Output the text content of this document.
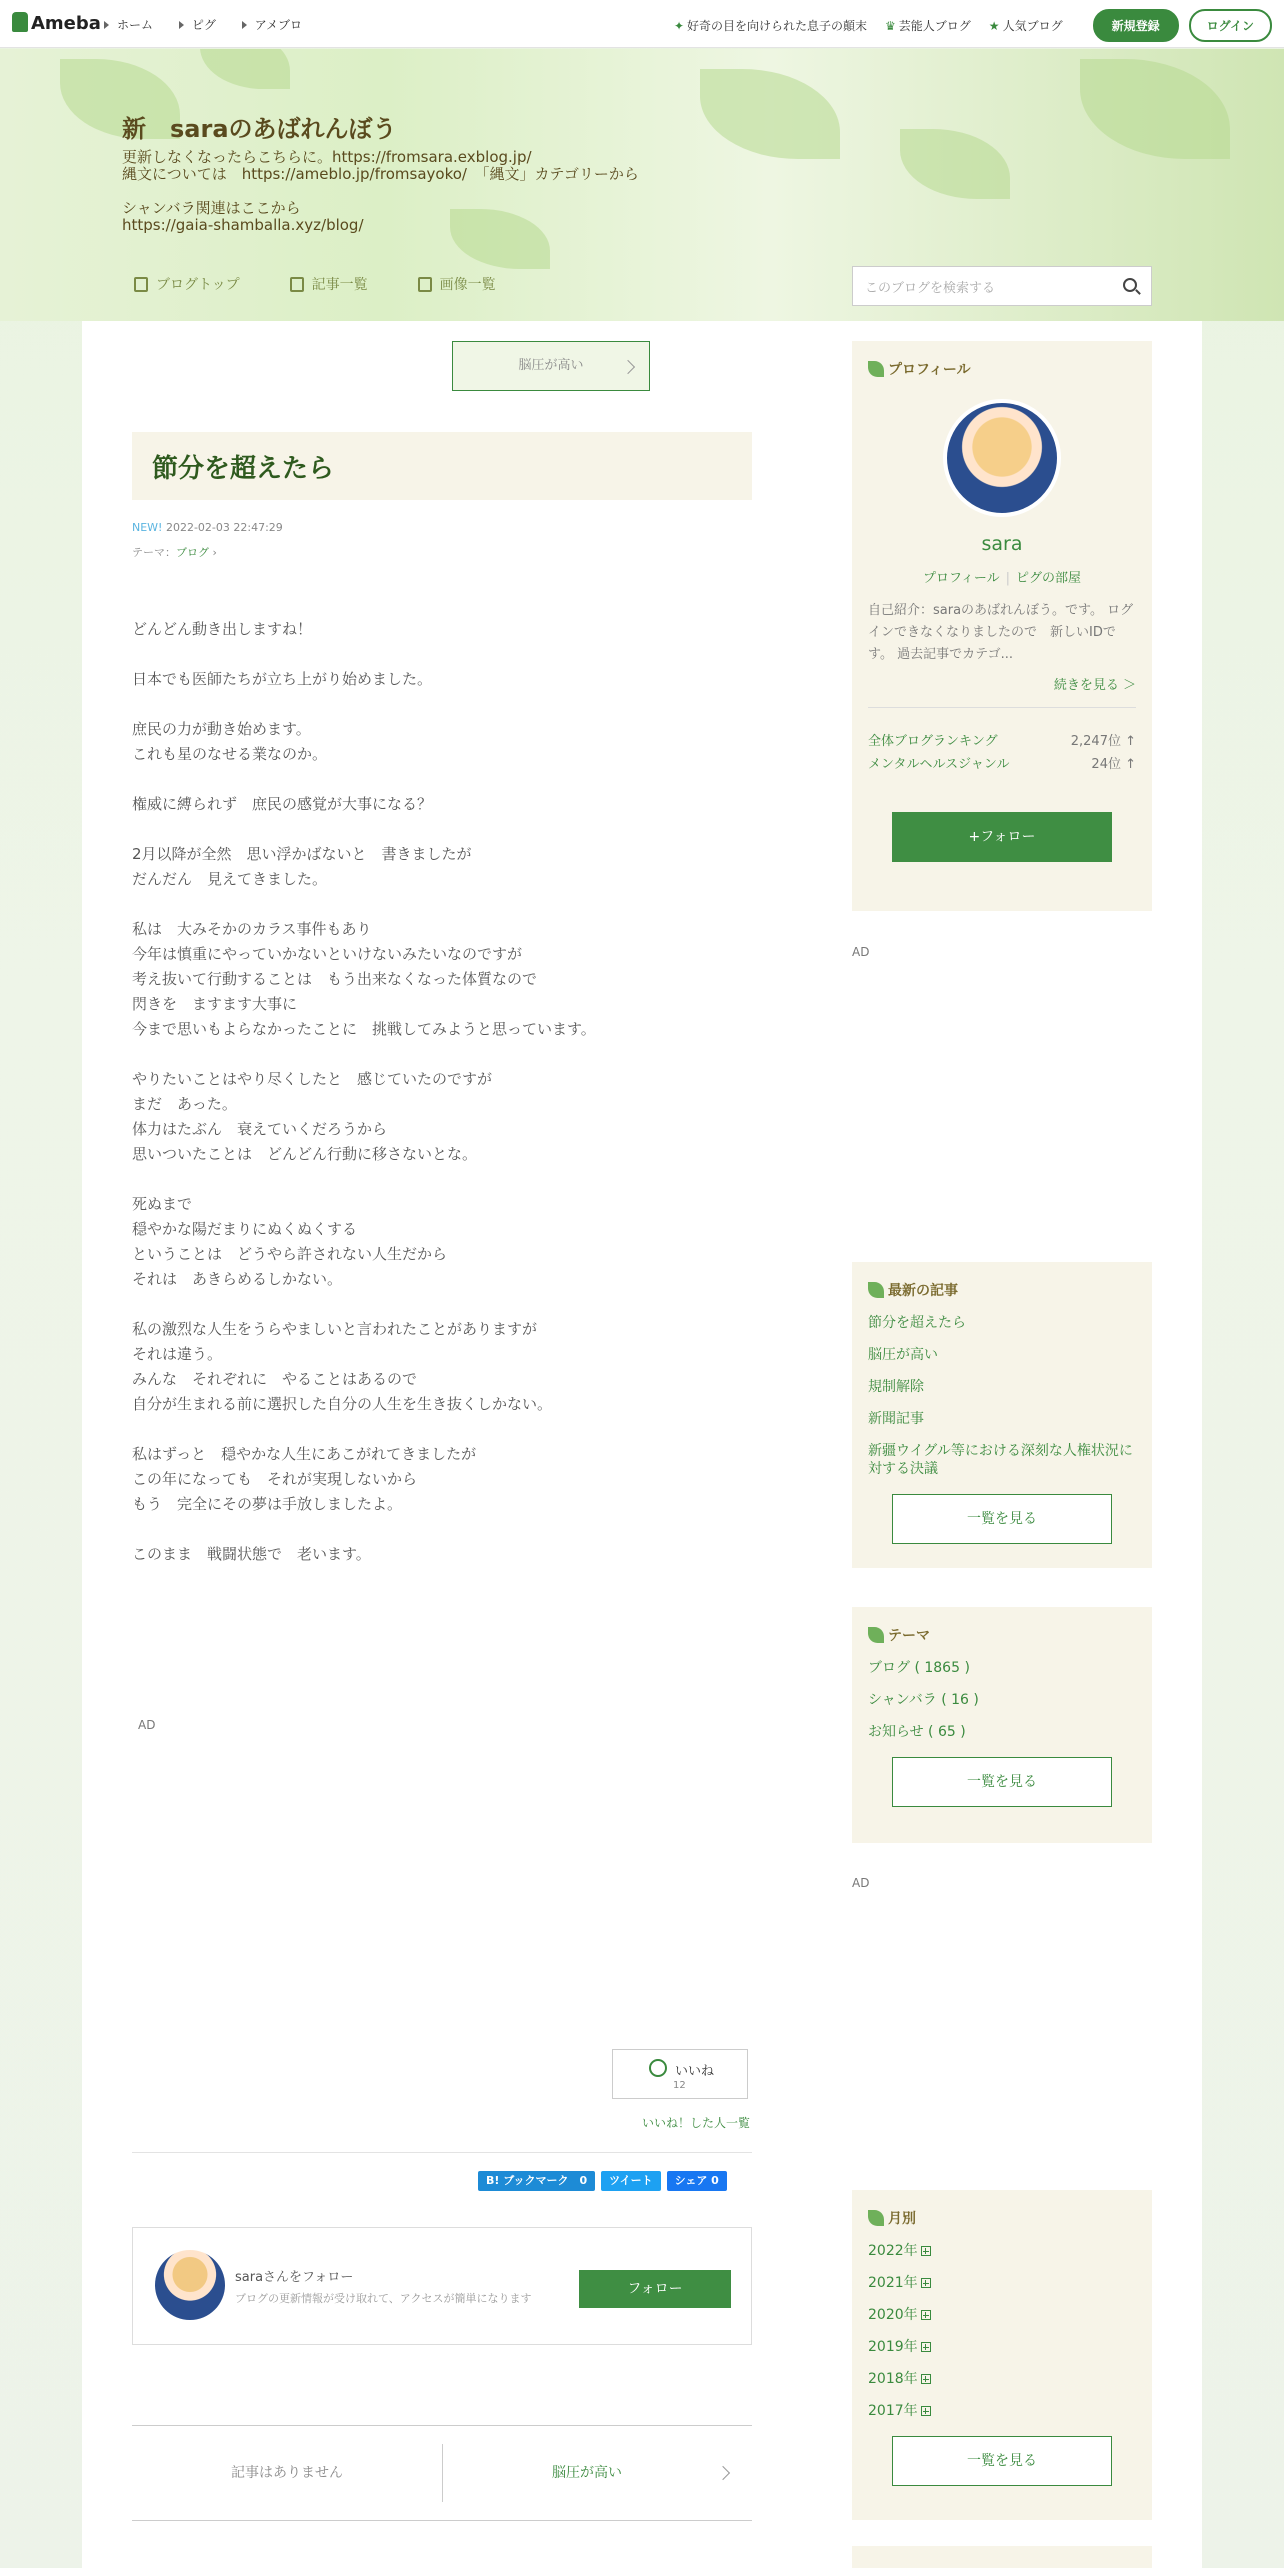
Ameba	ホーム	ピグ	アメブロ	✦ 好奇の目を向けられた息子の顛末 ♛ 芸能人ブログ ★ 人気ブログ	新規登録	ログイン
新　saraのあばれんぼう
更新しなくなったらこちらに。https://fromsara.exblog.jp/
縄文については　https://ameblo.jp/fromsayoko/　「縄文」カテゴリーから

シャンバラ関連はここから
https://gaia-shamballa.xyz/blog/
ブログトップ	記事一覧	画像一覧	このブログを検索する
脳圧が高い
節分を超えたら
NEW! 2022-02-03 22:47:29
テーマ：ブログ ›
どんどん動き出しますね！

日本でも医師たちが立ち上がり始めました。

庶民の力が動き始めます。
これも星のなせる業なのか。

権威に縛られず　庶民の感覚が大事になる？

2月以降が全然　思い浮かばないと　書きましたが
だんだん　見えてきました。

私は　大みそかのカラス事件もあり
今年は慎重にやっていかないといけないみたいなのですが
考え抜いて行動することは　もう出来なくなった体質なので
閃きを　ますます大事に
今まで思いもよらなかったことに　挑戦してみようと思っています。

やりたいことはやり尽くしたと　感じていたのですが
まだ　あった。
体力はたぶん　衰えていくだろうから
思いついたことは　どんどん行動に移さないとな。

死ぬまで
穏やかな陽だまりにぬくぬくする
ということは　どうやら許されない人生だから
それは　あきらめるしかない。

私の激烈な人生をうらやましいと言われたことがありますが
それは違う。
みんな　それぞれに　やることはあるので
自分が生まれる前に選択した自分の人生を生き抜くしかない。

私はずっと　穏やかな人生にあこがれてきましたが
この年になっても　それが実現しないから
もう　完全にその夢は手放しましたよ。

このまま　戦闘状態で　老います。
AD
いいね
12
いいね！した人一覧
B! ブックマーク　0	ツイート	シェア 0
saraさんをフォロー
ブログの更新情報が受け取れて、アクセスが簡単になります
フォロー
記事はありません	脳圧が高い
プロフィール
sara
プロフィール | ピグの部屋
自己紹介：saraのあばれんぼう。です。 ログインできなくなりましたので　新しいIDです。 過去記事でカテゴ...
続きを見る ＞
全体ブログランキング	2,247位 ↑
メンタルヘルスジャンル	24位 ↑
+フォロー
AD
最新の記事
節分を超えたら
脳圧が高い
規制解除
新聞記事
新疆ウイグル等における深刻な人権状況に対する決議
一覧を見る
テーマ
ブログ ( 1865 )
シャンバラ ( 16 )
お知らせ ( 65 )
一覧を見る
AD
月別
2022年
2021年
2020年
2019年
2018年
2017年
一覧を見る
